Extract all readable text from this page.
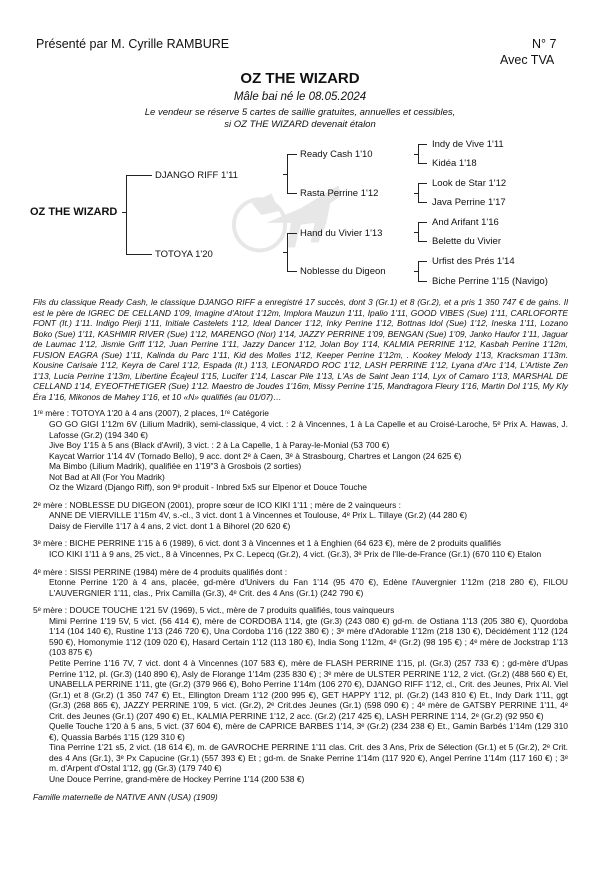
Présenté par M. Cyrille RAMBURE	N° 7
Avec TVA
OZ THE WIZARD
Mâle bai né le 08.05.2024
Le vendeur se réserve 5 cartes de saillie gratuites, annuelles et cessibles,
si OZ THE WIZARD devenait étalon
OZ THE WIZARD
DJANGO RIFF 1'11
TOTOYA 1'20
Ready Cash 1'10
Rasta Perrine 1'12
Hand du Vivier 1'13
Noblesse du Digeon
Indy de Vive 1'11
Kidéa 1'18
Look de Star 1'12
Java Perrine 1'17
And Arifant 1'16
Belette du Vivier
Urfist des Prés 1'14
Biche Perrine 1'15 (Navigo)

Fils du classique Ready Cash, le classique DJANGO RIFF a enregistré 17 succès, dont 3 (Gr.1) et 8 (Gr.2), et a pris 1 350 747 € de gains. Il est le père de IGREC DE CELLAND 1'09, Imagine d'Atout 1'12m, Implora Mauzun 1'11, Ipalio 1'11, GOOD VIBES (Sue) 1'11, CARLOFORTE FONT (It.) 1'11. Indigo Pierji 1'11, Initiale Castelets 1'12, Ideal Dancer 1'12, Inky Perrine 1'12, Bottnas Idol (Sue) 1'12, Ineska 1'11, Lozano Boko (Sue) 1'11, KASHMIR RIVER (Sue) 1'12, MARENGO (Nor) 1'14, JAZZY PERRINE 1'09, BENGAN (Sue) 1'09, Janko Haufor 1'11, Jaguar de Laumac 1'12, Jismie Griff 1'12, Juan Perrine 1'11, Jazzy Dancer 1'12, Jolan Boy 1'14, KALMIA PERRINE 1'12, Kasbah Perrine 1'12m, FUSION EAGRA (Sue) 1'11, Kalinda du Parc 1'11, Kid des Molles 1'12, Keeper Perrine 1'12m, . Kookey Melody 1'13, Kracksman 1'13m. Kousine Carisaie 1'12, Keyra de Carel 1'12, Espada (It.) 1'13, LEONARDO ROC 1'12, LASH PERRINE 1'12, Lyana d'Arc 1'14, L'Artiste Zen 1'13, Lucia Perrine 1'13m, Libertine Écajeul 1'15, Lucifer 1'14, Lascar Pile 1'13, L'As de Saint Jean 1'14, Lyx of Camaro 1'13, MARSHAL DE CELLAND 1'14, EYEOFTHETIGER (Sue) 1'12. Maestro de Joudes 1'16m, Missy Perrine 1'15, Mandragora Fleury 1'16, Martin Dol 1'15, My Kly Éra 1'16, Mikonos de Mahey 1'16, et 10 «N» qualifiés (au 01/07)…

1ʳᵉ mère : TOTOYA 1'20 à 4 ans (2007), 2 places, 1ʳᵉ Catégorie
GO GO GIGI 1'12m 6V (Lilium Madrik), semi-classique, 4 vict. : 2 à Vincennes, 1 à La Capelle et au Croisé-Laroche, 5ᵉ Prix A. Hawas, J. Lafosse (Gr.2) (194 340 €)
Jive Boy 1'15 à 5 ans (Black d'Avril), 3 vict. : 2 à La Capelle, 1 à Paray-le-Monial (53 700 €)
Kaycat Warrior 1'14 4V (Tornado Bello), 9 acc. dont 2ᵉ à Caen, 3ᵉ à Strasbourg, Chartres et Langon (24 625 €)
Ma Bimbo (Lilium Madrik), qualifiée en 1'19"3 à Grosbois (2 sorties)
Not Bad at All (For You Madrik)
Oz the Wizard (Django Riff), son 9ᵉ produit - Inbred 5x5 sur Elpenor et Douce Touche
2ᵉ mère : NOBLESSE DU DIGEON (2001), propre sœur de ICO KIKI 1'11 ; mère de 2 vainqueurs :
ANNE DE VIERVILLE 1'15m 4V, s.-cl., 3 vict. dont 1 à Vincennes et Toulouse, 4ᵉ Prix L. Tillaye (Gr.2) (44 280 €)
Daisy de Fierville 1'17 à 4 ans, 2 vict. dont 1 à Bihorel (20 620 €)
3ᵉ mère : BICHE PERRINE 1'15 à 6 (1989), 6 vict. dont 3 à Vincennes et 1 à Enghien (64 623 €), mère de 2 produits qualifiés
ICO KIKI 1'11 à 9 ans, 25 vict., 8 à Vincennes, Px C. Lepecq (Gr.2), 4 vict. (Gr.3), 3ᵉ Prix de l'Ile-de-France (Gr.1) (670 110 €) Etalon
4ᵉ mère : SISSI PERRINE (1984) mère de 4 produits qualifiés dont :
Etonne Perrine 1'20 à 4 ans, placée, gd-mère d'Univers du Fan 1'14 (95 470 €), Edène l'Auvergnier 1'12m (218 280 €), FILOU L'AUVERGNIER 1'11, clas., Prix Camilla (Gr.3), 4ᵉ Crit. des 4 Ans (Gr.1) (242 790 €)
5ᵉ mère : DOUCE TOUCHE 1'21 5V (1969), 5 vict., mère de 7 produits qualifiés, tous vainqueurs
Mimi Perrine 1'19 5V, 5 vict. (56 414 €), mère de CORDOBA 1'14, gte (Gr.3) (243 080 €) gd-m. de Ostiana 1'13 (205 380 €), Quordoba 1'14 (104 140 €), Rustine 1'13 (246 720 €), Una Cordoba 1'16 (122 380 €) ; 3ᵉ mère d'Adorable 1'12m (218 130 €), Décidément 1'12 (124 590 €), Homonymie 1'12 (109 020 €), Hasard Certain 1'12 (113 180 €), India Song 1'12m, 4ᵉ (Gr.2) (98 195 €) ; 4ᵉ mère de Jockstrap 1'13 (103 875 €)
Petite Perrine 1'16 7V, 7 vict. dont 4 à Vincennes (107 583 €), mère de FLASH PERRINE 1'15, pl. (Gr.3) (257 733 €) ; gd-mère d'Upas Perrine 1'12, pl. (Gr.3) (140 890 €), Asly de Florange 1'14m (235 830 €) ; 3ᵉ mère de ULSTER PERRINE 1'12, 2 vict. (Gr.2) (488 560 €) Et, UNABELLA PERRINE 1'11, gte (Gr.2) (379 966 €), Boho Perrine 1'14m (106 270 €), DJANGO RIFF 1'12, cl., Crit. des Jeunes, Prix Al. Viel (Gr.1) et 8 (Gr.2) (1 350 747 €) Et., Ellington Dream 1'12 (200 995 €), GET HAPPY 1'12, pl. (Gr.2) (143 810 €) Et., Indy Dark 1'11, ggt (Gr.3) (268 865 €), JAZZY PERRINE 1'09, 5 vict. (Gr.2), 2ᵉ Crit.des Jeunes (Gr.1) (598 090 €) ; 4ᵉ mère de GATSBY PERRINE 1'11, 4ᵉ Crit. des Jeunes (Gr.1) (207 490 €) Et., KALMIA PERRINE 1'12, 2 acc. (Gr.2) (217 425 €), LASH PERRINE 1'14, 2ᵉ (Gr.2) (92 950 €)
Quelle Touche 1'20 à 5 ans, 5 vict. (37 604 €), mère de CAPRICE BARBES 1'14, 3ᵉ (Gr.2) (234 238 €) Et., Gamin Barbés 1'14m (129 310 €), Quassia Barbés 1'15 (129 310 €)
Tina Perrine 1'21 s5, 2 vict. (18 614 €), m. de GAVROCHE PERRINE 1'11 clas. Crit. des 3 Ans, Prix de Sélection (Gr.1) et 5 (Gr.2), 2ᵉ Crit. des 4 Ans (Gr.1), 3ᵉ Px Capucine (Gr.1) (557 393 €) Et ; gd-m. de Snake Perrine 1'14m (117 920 €), Angel Perrine 1'14m (117 160 €) ; 3ᵉ m. d'Arpent d'Ostal 1'12, gg (Gr.3) (179 740 €)
Une Douce Perrine, grand-mère de Hockey Perrine 1'14 (200 538 €)
Famille maternelle de NATIVE ANN (USA) (1909)
